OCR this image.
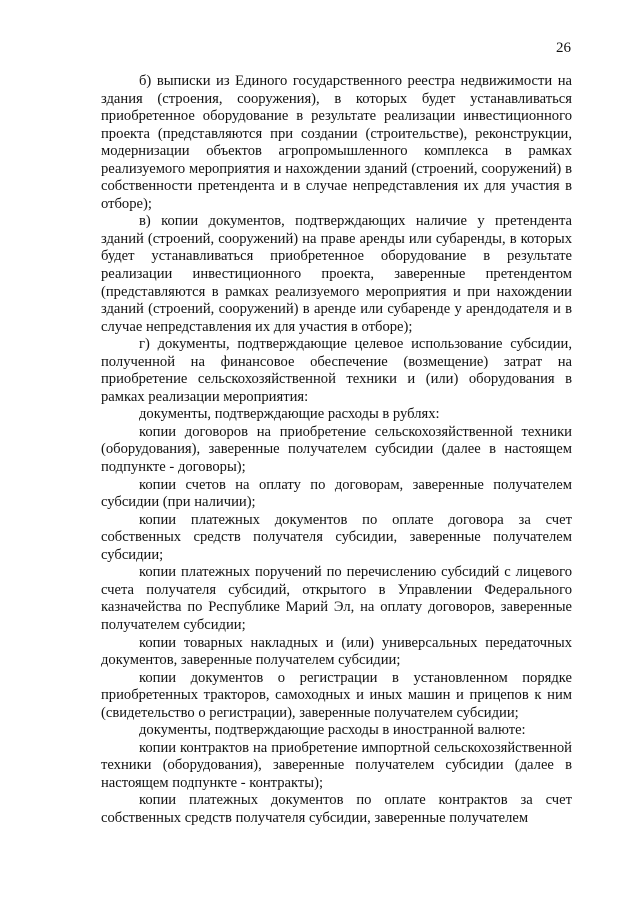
26

б) выписки из Единого государственного реестра недвижимости на здания (строения, сооружения), в которых будет устанавливаться приобретенное оборудование в результате реализации инвестиционного проекта (представляются при создании (строительстве), реконструкции, модернизации объектов агропромышленного комплекса в рамках реализуемого мероприятия и нахождении зданий (строений, сооружений) в собственности претендента и в случае непредставления их для участия в отборе);

в) копии документов, подтверждающих наличие у претендента зданий (строений, сооружений) на праве аренды или субаренды, в которых будет устанавливаться приобретенное оборудование в результате реализации инвестиционного проекта, заверенные претендентом (представляются в рамках реализуемого мероприятия и при нахождении зданий (строений, сооружений) в аренде или субаренде у арендодателя и в случае непредставления их для участия в отборе);

г) документы, подтверждающие целевое использование субсидии, полученной на финансовое обеспечение (возмещение) затрат на приобретение сельскохозяйственной техники и (или) оборудования в рамках реализации мероприятия:

документы, подтверждающие расходы в рублях:

копии договоров на приобретение сельскохозяйственной техники (оборудования), заверенные получателем субсидии (далее в настоящем подпункте - договоры);

копии счетов на оплату по договорам, заверенные получателем субсидии (при наличии);

копии платежных документов по оплате договора за счет собственных средств получателя субсидии, заверенные получателем субсидии;

копии платежных поручений по перечислению субсидий с лицевого счета получателя субсидий, открытого в Управлении Федерального казначейства по Республике Марий Эл, на оплату договоров, заверенные получателем субсидии;

копии товарных накладных и (или) универсальных передаточных документов, заверенные получателем субсидии;

копии документов о регистрации в установленном порядке приобретенных тракторов, самоходных и иных машин и прицепов к ним (свидетельство о регистрации), заверенные получателем субсидии;

документы, подтверждающие расходы в иностранной валюте:

копии контрактов на приобретение импортной сельскохозяйственной техники (оборудования), заверенные получателем субсидии (далее в настоящем подпункте - контракты);

копии платежных документов по оплате контрактов за счет собственных средств получателя субсидии, заверенные получателем
